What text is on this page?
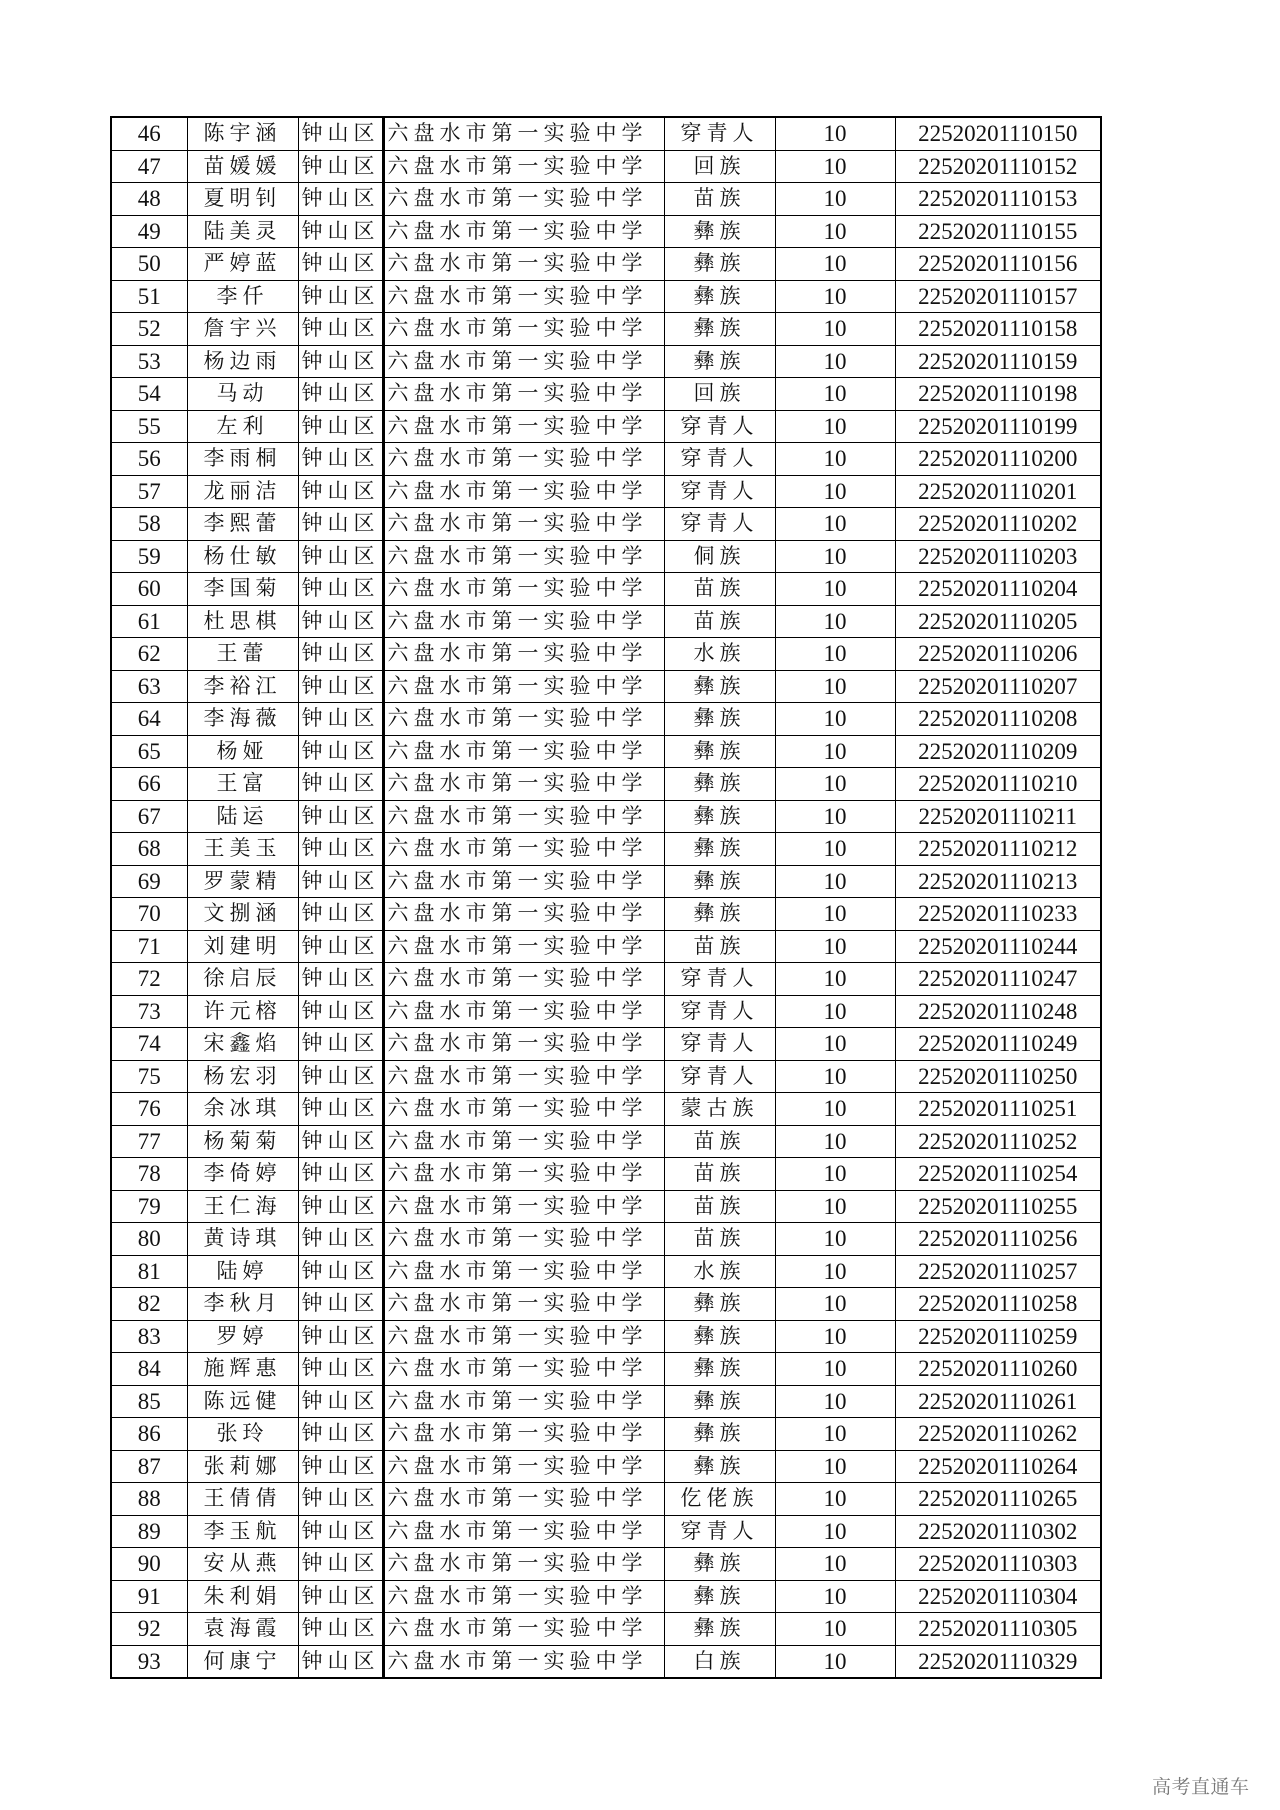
46	陈宇涵	钟山区	六盘水市第一实验中学	穿青人	10	22520201110150
47	苗媛媛	钟山区	六盘水市第一实验中学	回族	10	22520201110152
48	夏明钊	钟山区	六盘水市第一实验中学	苗族	10	22520201110153
49	陆美灵	钟山区	六盘水市第一实验中学	彝族	10	22520201110155
50	严婷蓝	钟山区	六盘水市第一实验中学	彝族	10	22520201110156
51	李仟	钟山区	六盘水市第一实验中学	彝族	10	22520201110157
52	詹宇兴	钟山区	六盘水市第一实验中学	彝族	10	22520201110158
53	杨边雨	钟山区	六盘水市第一实验中学	彝族	10	22520201110159
54	马动	钟山区	六盘水市第一实验中学	回族	10	22520201110198
55	左利	钟山区	六盘水市第一实验中学	穿青人	10	22520201110199
56	李雨桐	钟山区	六盘水市第一实验中学	穿青人	10	22520201110200
57	龙丽洁	钟山区	六盘水市第一实验中学	穿青人	10	22520201110201
58	李熙蕾	钟山区	六盘水市第一实验中学	穿青人	10	22520201110202
59	杨仕敏	钟山区	六盘水市第一实验中学	侗族	10	22520201110203
60	李国菊	钟山区	六盘水市第一实验中学	苗族	10	22520201110204
61	杜思棋	钟山区	六盘水市第一实验中学	苗族	10	22520201110205
62	王蕾	钟山区	六盘水市第一实验中学	水族	10	22520201110206
63	李裕江	钟山区	六盘水市第一实验中学	彝族	10	22520201110207
64	李海薇	钟山区	六盘水市第一实验中学	彝族	10	22520201110208
65	杨娅	钟山区	六盘水市第一实验中学	彝族	10	22520201110209
66	王富	钟山区	六盘水市第一实验中学	彝族	10	22520201110210
67	陆运	钟山区	六盘水市第一实验中学	彝族	10	22520201110211
68	王美玉	钟山区	六盘水市第一实验中学	彝族	10	22520201110212
69	罗蒙精	钟山区	六盘水市第一实验中学	彝族	10	22520201110213
70	文捌涵	钟山区	六盘水市第一实验中学	彝族	10	22520201110233
71	刘建明	钟山区	六盘水市第一实验中学	苗族	10	22520201110244
72	徐启辰	钟山区	六盘水市第一实验中学	穿青人	10	22520201110247
73	许元榕	钟山区	六盘水市第一实验中学	穿青人	10	22520201110248
74	宋鑫焰	钟山区	六盘水市第一实验中学	穿青人	10	22520201110249
75	杨宏羽	钟山区	六盘水市第一实验中学	穿青人	10	22520201110250
76	余冰琪	钟山区	六盘水市第一实验中学	蒙古族	10	22520201110251
77	杨菊菊	钟山区	六盘水市第一实验中学	苗族	10	22520201110252
78	李倚婷	钟山区	六盘水市第一实验中学	苗族	10	22520201110254
79	王仁海	钟山区	六盘水市第一实验中学	苗族	10	22520201110255
80	黄诗琪	钟山区	六盘水市第一实验中学	苗族	10	22520201110256
81	陆婷	钟山区	六盘水市第一实验中学	水族	10	22520201110257
82	李秋月	钟山区	六盘水市第一实验中学	彝族	10	22520201110258
83	罗婷	钟山区	六盘水市第一实验中学	彝族	10	22520201110259
84	施辉惠	钟山区	六盘水市第一实验中学	彝族	10	22520201110260
85	陈远健	钟山区	六盘水市第一实验中学	彝族	10	22520201110261
86	张玲	钟山区	六盘水市第一实验中学	彝族	10	22520201110262
87	张莉娜	钟山区	六盘水市第一实验中学	彝族	10	22520201110264
88	王倩倩	钟山区	六盘水市第一实验中学	仡佬族	10	22520201110265
89	李玉航	钟山区	六盘水市第一实验中学	穿青人	10	22520201110302
90	安从燕	钟山区	六盘水市第一实验中学	彝族	10	22520201110303
91	朱利娟	钟山区	六盘水市第一实验中学	彝族	10	22520201110304
92	袁海霞	钟山区	六盘水市第一实验中学	彝族	10	22520201110305
93	何康宁	钟山区	六盘水市第一实验中学	白族	10	22520201110329
高考直通车
